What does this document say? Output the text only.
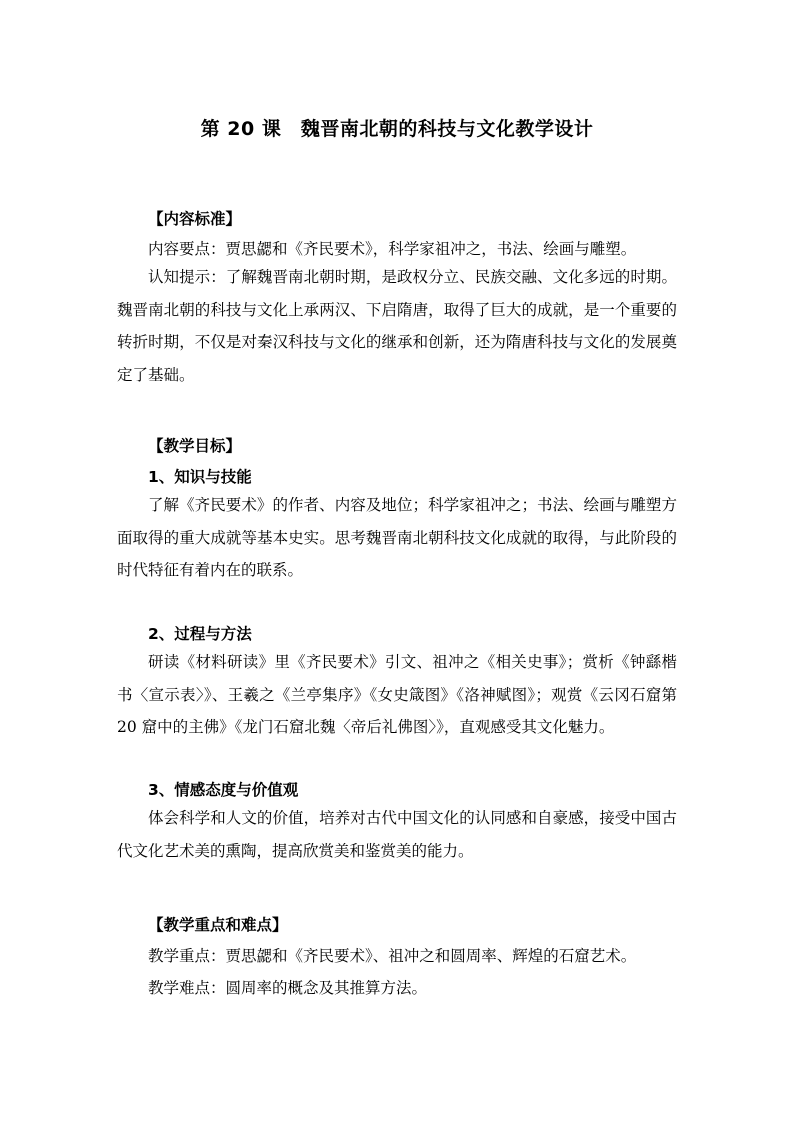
第 20 课　魏晋南北朝的科技与文化教学设计
【内容标准】
内容要点：贾思勰和《齐民要术》，科学家祖冲之，书法、绘画与雕塑。

认知提示：了解魏晋南北朝时期，是政权分立、民族交融、文化多远的时期。魏晋南北朝的科技与文化上承两汉、下启隋唐，取得了巨大的成就，是一个重要的转折时期，不仅是对秦汉科技与文化的继承和创新，还为隋唐科技与文化的发展奠定了基础。

【教学目标】
1、知识与技能

了解《齐民要术》的作者、内容及地位；科学家祖冲之；书法、绘画与雕塑方面取得的重大成就等基本史实。思考魏晋南北朝科技文化成就的取得，与此阶段的时代特征有着内在的联系。

2、过程与方法

研读《材料研读》里《齐民要术》引文、祖冲之《相关史事》；赏析《钟繇楷书〈宣示表〉》、王羲之《兰亭集序》《女史箴图》《洛神赋图》；观赏《云冈石窟第 20 窟中的主佛》《龙门石窟北魏〈帝后礼佛图〉》，直观感受其文化魅力。

3、情感态度与价值观

体会科学和人文的价值，培养对古代中国文化的认同感和自豪感，接受中国古代文化艺术美的熏陶，提高欣赏美和鉴赏美的能力。

【教学重点和难点】
教学重点：贾思勰和《齐民要术》、祖冲之和圆周率、辉煌的石窟艺术。
教学难点：圆周率的概念及其推算方法。
